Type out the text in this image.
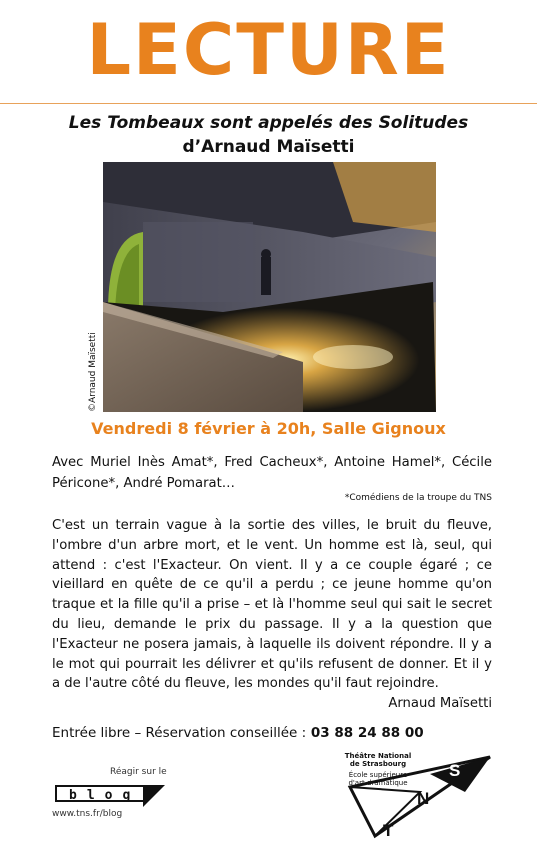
LECTURE
Les Tombeaux sont appelés des Solitudes
d’Arnaud Maïsetti
©Arnaud Maïsetti
Vendredi 8 février à 20h, Salle Gignoux
Avec Muriel Inès Amat*, Fred Cacheux*, Antoine Hamel*, Cécile Péricone*, André Pomarat…
*Comédiens de la troupe du TNS
C'est un terrain vague à la sortie des villes, le bruit du fleuve, l'ombre d'un arbre mort, et le vent. Un homme est là, seul, qui attend : c'est l'Exacteur. On vient. Il y a ce couple égaré ; ce vieillard en quête de ce qu'il a perdu ; ce jeune homme qu'on traque et la fille qu'il a prise – et là l'homme seul qui sait le secret du lieu, demande le prix du passage. Il y a la question que l'Exacteur ne posera jamais, à laquelle ils doivent répondre. Il y a le mot qui pourrait les délivrer et qu'ils refusent de donner. Et il y a de l'autre côté du fleuve, les mondes qu'il faut rejoindre.
Arnaud Maïsetti
Entrée libre – Réservation conseillée : 03 88 24 88 00
Réagir sur le
blog
www.tns.fr/blog
Théâtre National de Strasbourg
École supérieure d'art dramatique
T
N
S
